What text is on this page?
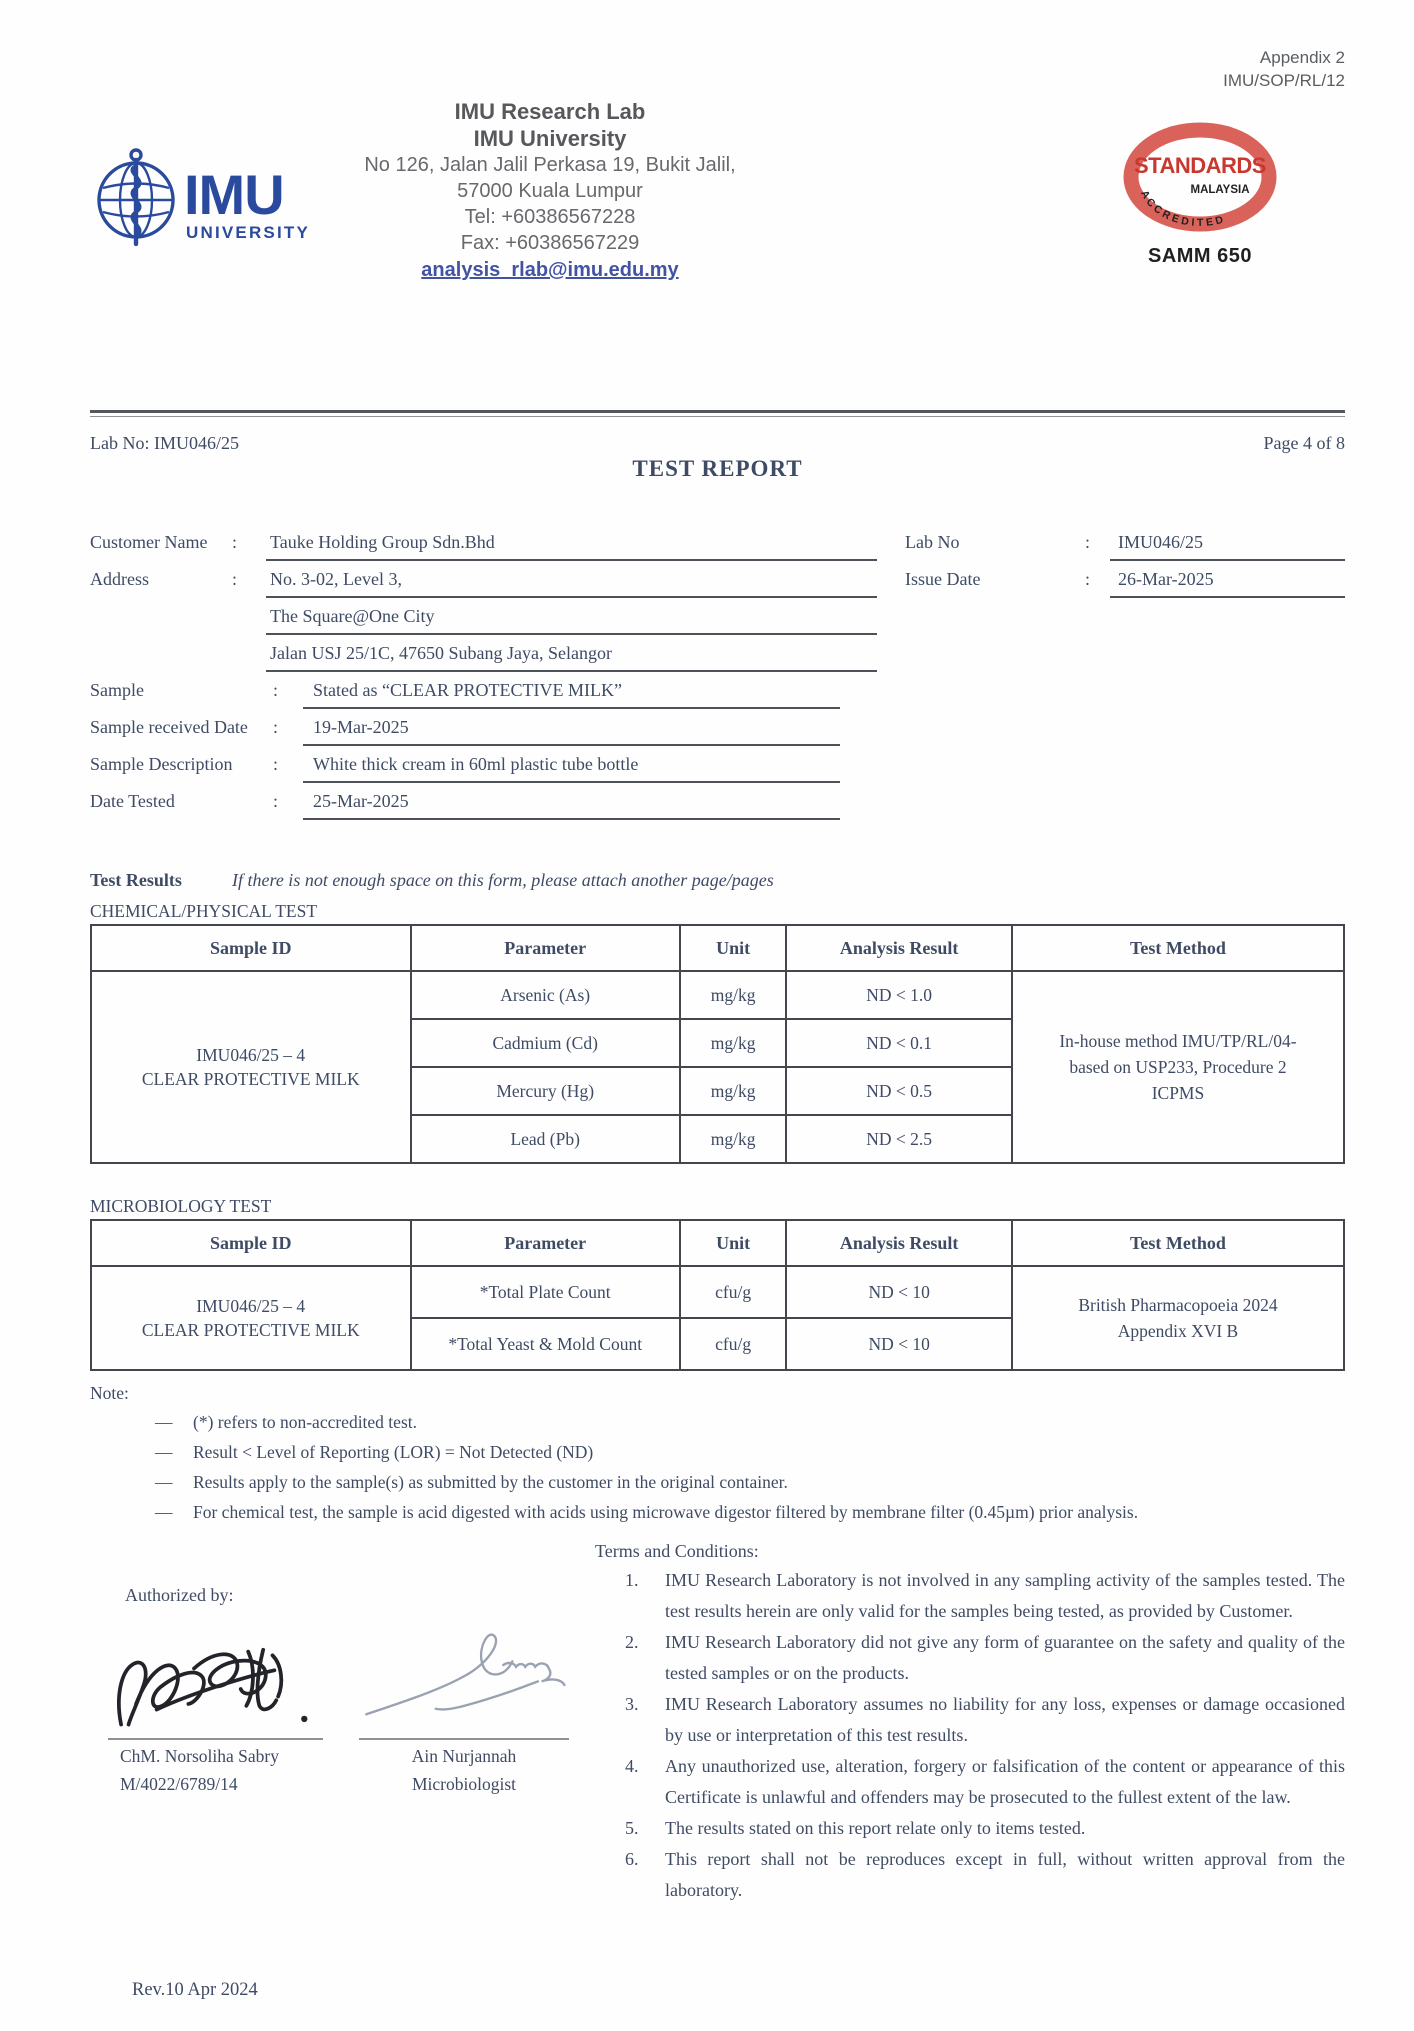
Appendix 2
IMU/SOP/RL/12
IMU
UNIVERSITY
IMU Research Lab
IMU University
No 126, Jalan Jalil Perkasa 19, Bukit Jalil,
57000 Kuala Lumpur
Tel: +60386567228
Fax: +60386567229
analysis_rlab@imu.edu.my
STANDARDS
MALAYSIA
ACCREDITED
SAMM 650
Lab No: IMU046/25	Page 4 of 8
TEST REPORT
Customer Name	:	Tauke Holding Group Sdn.Bhd
Address	:	No. 3-02, Level 3,
The Square@One City
Jalan USJ 25/1C, 47650 Subang Jaya, Selangor
Sample	:	Stated as “CLEAR PROTECTIVE MILK”
Sample received Date	:	19-Mar-2025
Sample Description	:	White thick cream in 60ml plastic tube bottle
Date Tested	:	25-Mar-2025
Lab No	:	IMU046/25
Issue Date	:	26-Mar-2025
Test Results	If there is not enough space on this form, please attach another page/pages
CHEMICAL/PHYSICAL TEST
Sample ID	Parameter	Unit	Analysis Result	Test Method

IMU046/25 – 4
CLEAR PROTECTIVE MILK
	Arsenic (As)	mg/kg	ND < 1.0	
In-house method IMU/TP/RL/04-
based on USP233, Procedure 2
ICPMS

	Cadmium (Cd)	mg/kg	ND < 0.1	
	Mercury (Hg)	mg/kg	ND < 0.5	
	Lead (Pb)	mg/kg	ND < 2.5	
MICROBIOLOGY TEST
Sample ID	Parameter	Unit	Analysis Result	Test Method

IMU046/25 – 4
CLEAR PROTECTIVE MILK
	*Total Plate Count	cfu/g	ND < 10	
British Pharmacopoeia 2024
Appendix XVI B

	*Total Yeast & Mold Count	cfu/g	ND < 10	
Note:
—	(*) refers to non-accredited test.
—	Result < Level of Reporting (LOR) = Not Detected (ND)
—	Results apply to the sample(s) as submitted by the customer in the original container.
—	For chemical test, the sample is acid digested with acids using microwave digestor filtered by membrane filter (0.45µm) prior analysis.
Authorized by:
ChM. Norsoliha Sabry
M/4022/6789/14
Ain Nurjannah
Microbiologist
Terms and Conditions:
1.	IMU Research Laboratory is not involved in any sampling activity of the samples tested. The test results herein are only valid for the samples being tested, as provided by Customer.
2.	IMU Research Laboratory did not give any form of guarantee on the safety and quality of the tested samples or on the products.
3.	IMU Research Laboratory assumes no liability for any loss, expenses or damage occasioned by use or interpretation of this test results.
4.	Any unauthorized use, alteration, forgery or falsification of the content or appearance of this Certificate is unlawful and offenders may be prosecuted to the fullest extent of the law.
5.	The results stated on this report relate only to items tested.
6.	This report shall not be reproduces except in full, without written approval from the laboratory.
Rev.10 Apr 2024
